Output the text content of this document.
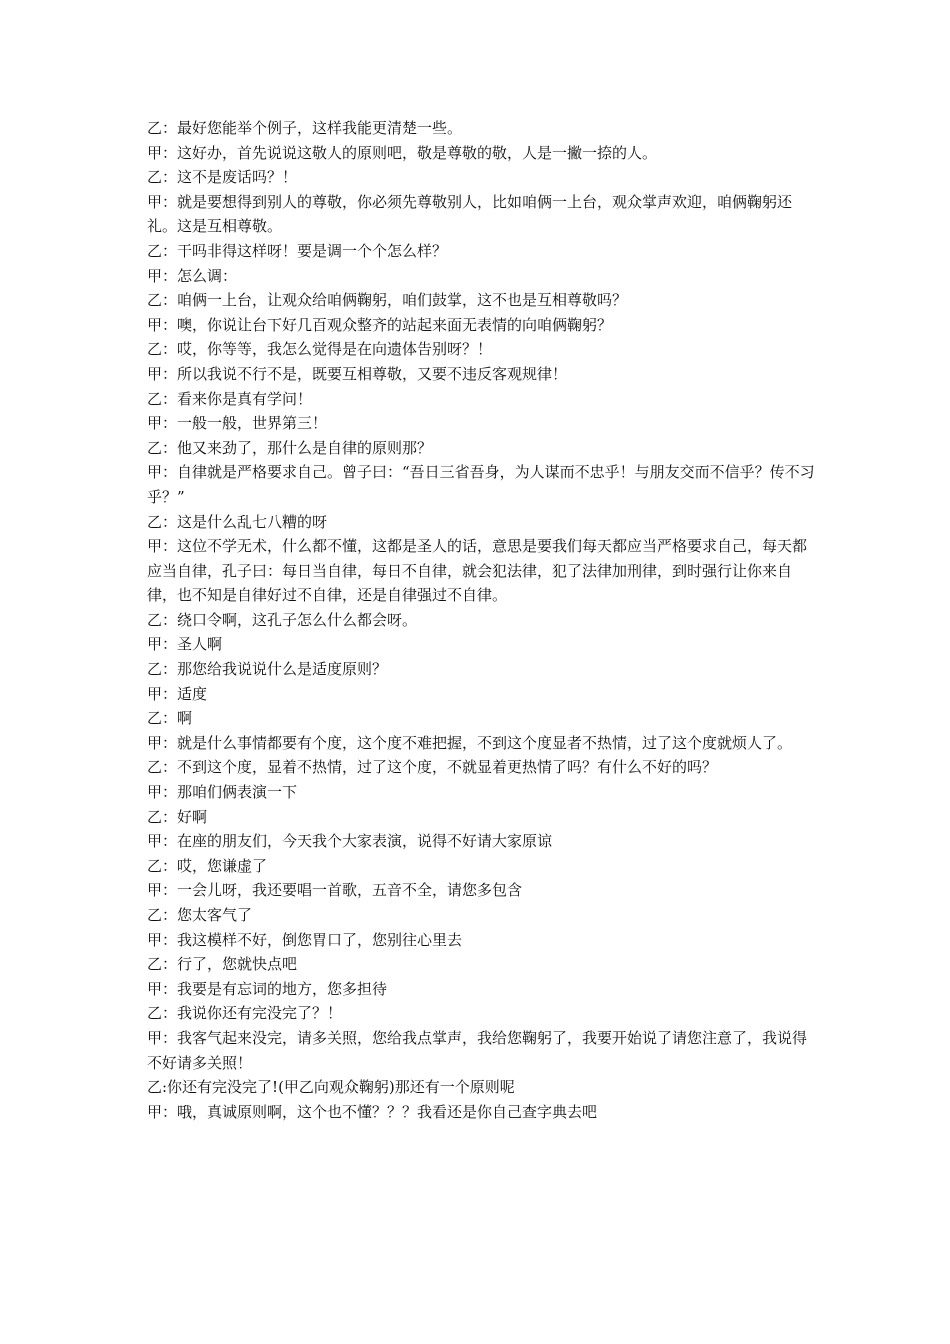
乙：最好您能举个例子，这样我能更清楚一些。

甲：这好办，首先说说这敬人的原则吧，敬是尊敬的敬，人是一撇一捺的人。

乙：这不是废话吗？！

甲：就是要想得到别人的尊敬，你必须先尊敬别人，比如咱俩一上台，观众掌声欢迎，咱俩鞠躬还礼。这是互相尊敬。

乙：干吗非得这样呀！要是调一个个怎么样？

甲：怎么调：

乙：咱俩一上台，让观众给咱俩鞠躬，咱们鼓掌，这不也是互相尊敬吗？

甲：噢，你说让台下好几百观众整齐的站起来面无表情的向咱俩鞠躬？

乙：哎，你等等，我怎么觉得是在向遗体告别呀？！

甲：所以我说不行不是，既要互相尊敬，又要不违反客观规律！

乙：看来你是真有学问！

甲：一般一般，世界第三！

乙：他又来劲了，那什么是自律的原则那？

甲：自律就是严格要求自己。曾子曰：“吾日三省吾身，为人谋而不忠乎！与朋友交而不信乎？传不习乎？”

乙：这是什么乱七八糟的呀

甲：这位不学无术，什么都不懂，这都是圣人的话，意思是要我们每天都应当严格要求自己，每天都应当自律，孔子曰：每日当自律，每日不自律，就会犯法律，犯了法律加刑律，到时强行让你来自律，也不知是自律好过不自律，还是自律强过不自律。

乙：绕口令啊，这孔子怎么什么都会呀。

甲：圣人啊

乙：那您给我说说什么是适度原则？

甲：适度

乙：啊

甲：就是什么事情都要有个度，这个度不难把握，不到这个度显者不热情，过了这个度就烦人了。

乙：不到这个度，显着不热情，过了这个度，不就显着更热情了吗？有什么不好的吗？

甲：那咱们俩表演一下

乙：好啊

甲：在座的朋友们，今天我个大家表演，说得不好请大家原谅

乙：哎，您谦虚了

甲：一会儿呀，我还要唱一首歌，五音不全，请您多包含

乙：您太客气了

甲：我这模样不好，倒您胃口了，您别往心里去

乙：行了，您就快点吧

甲：我要是有忘词的地方，您多担待

乙：我说你还有完没完了？！

甲：我客气起来没完，请多关照，您给我点掌声，我给您鞠躬了，我要开始说了请您注意了，我说得不好请多关照！

乙:你还有完没完了!(甲乙向观众鞠躬)那还有一个原则呢

甲：哦，真诚原则啊，这个也不懂？？？我看还是你自己查字典去吧
